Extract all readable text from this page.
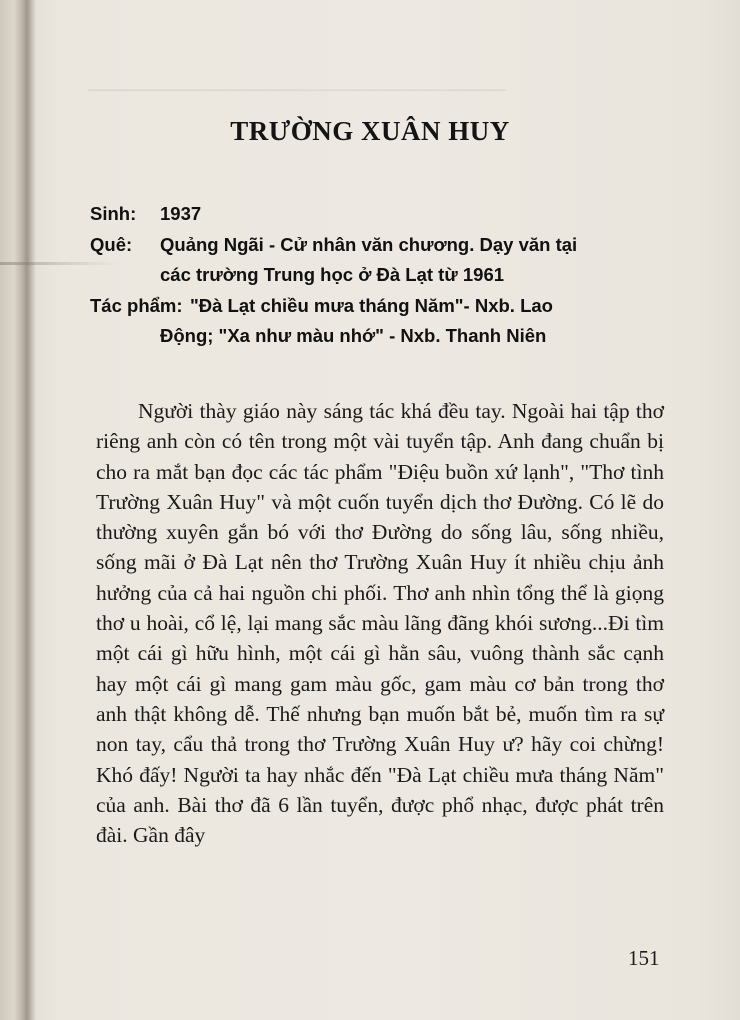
───────────────────────────────
TRƯỜNG XUÂN HUY
Sinh: 1937
Quê: Quảng Ngãi - Cử nhân văn chương. Dạy văn tại
các trường Trung học ở Đà Lạt từ 1961
Tác phẩm: "Đà Lạt chiều mưa tháng Năm"- Nxb. Lao
Động; "Xa như màu nhớ" - Nxb. Thanh Niên

Người thày giáo này sáng tác khá đều tay. Ngoài hai tập thơ riêng anh còn có tên trong một vài tuyển tập. Anh đang chuẩn bị cho ra mắt bạn đọc các tác phẩm "Điệu buồn xứ lạnh", "Thơ tình Trường Xuân Huy" và một cuốn tuyển dịch thơ Đường. Có lẽ do thường xuyên gắn bó với thơ Đường do sống lâu, sống nhiều, sống mãi ở Đà Lạt nên thơ Trường Xuân Huy ít nhiều chịu ảnh hưởng của cả hai nguồn chi phối. Thơ anh nhìn tổng thể là giọng thơ u hoài, cổ lệ, lại mang sắc màu lãng đãng khói sương...Đi tìm một cái gì hữu hình, một cái gì hằn sâu, vuông thành sắc cạnh hay một cái gì mang gam màu gốc, gam màu cơ bản trong thơ anh thật không dễ. Thế nhưng bạn muốn bắt bẻ, muốn tìm ra sự non tay, cẩu thả trong thơ Trường Xuân Huy ư? hãy coi chừng! Khó đấy! Người ta hay nhắc đến "Đà Lạt chiều mưa tháng Năm" của anh. Bài thơ đã 6 lần tuyển, được phổ nhạc, được phát trên đài. Gần đây

151
